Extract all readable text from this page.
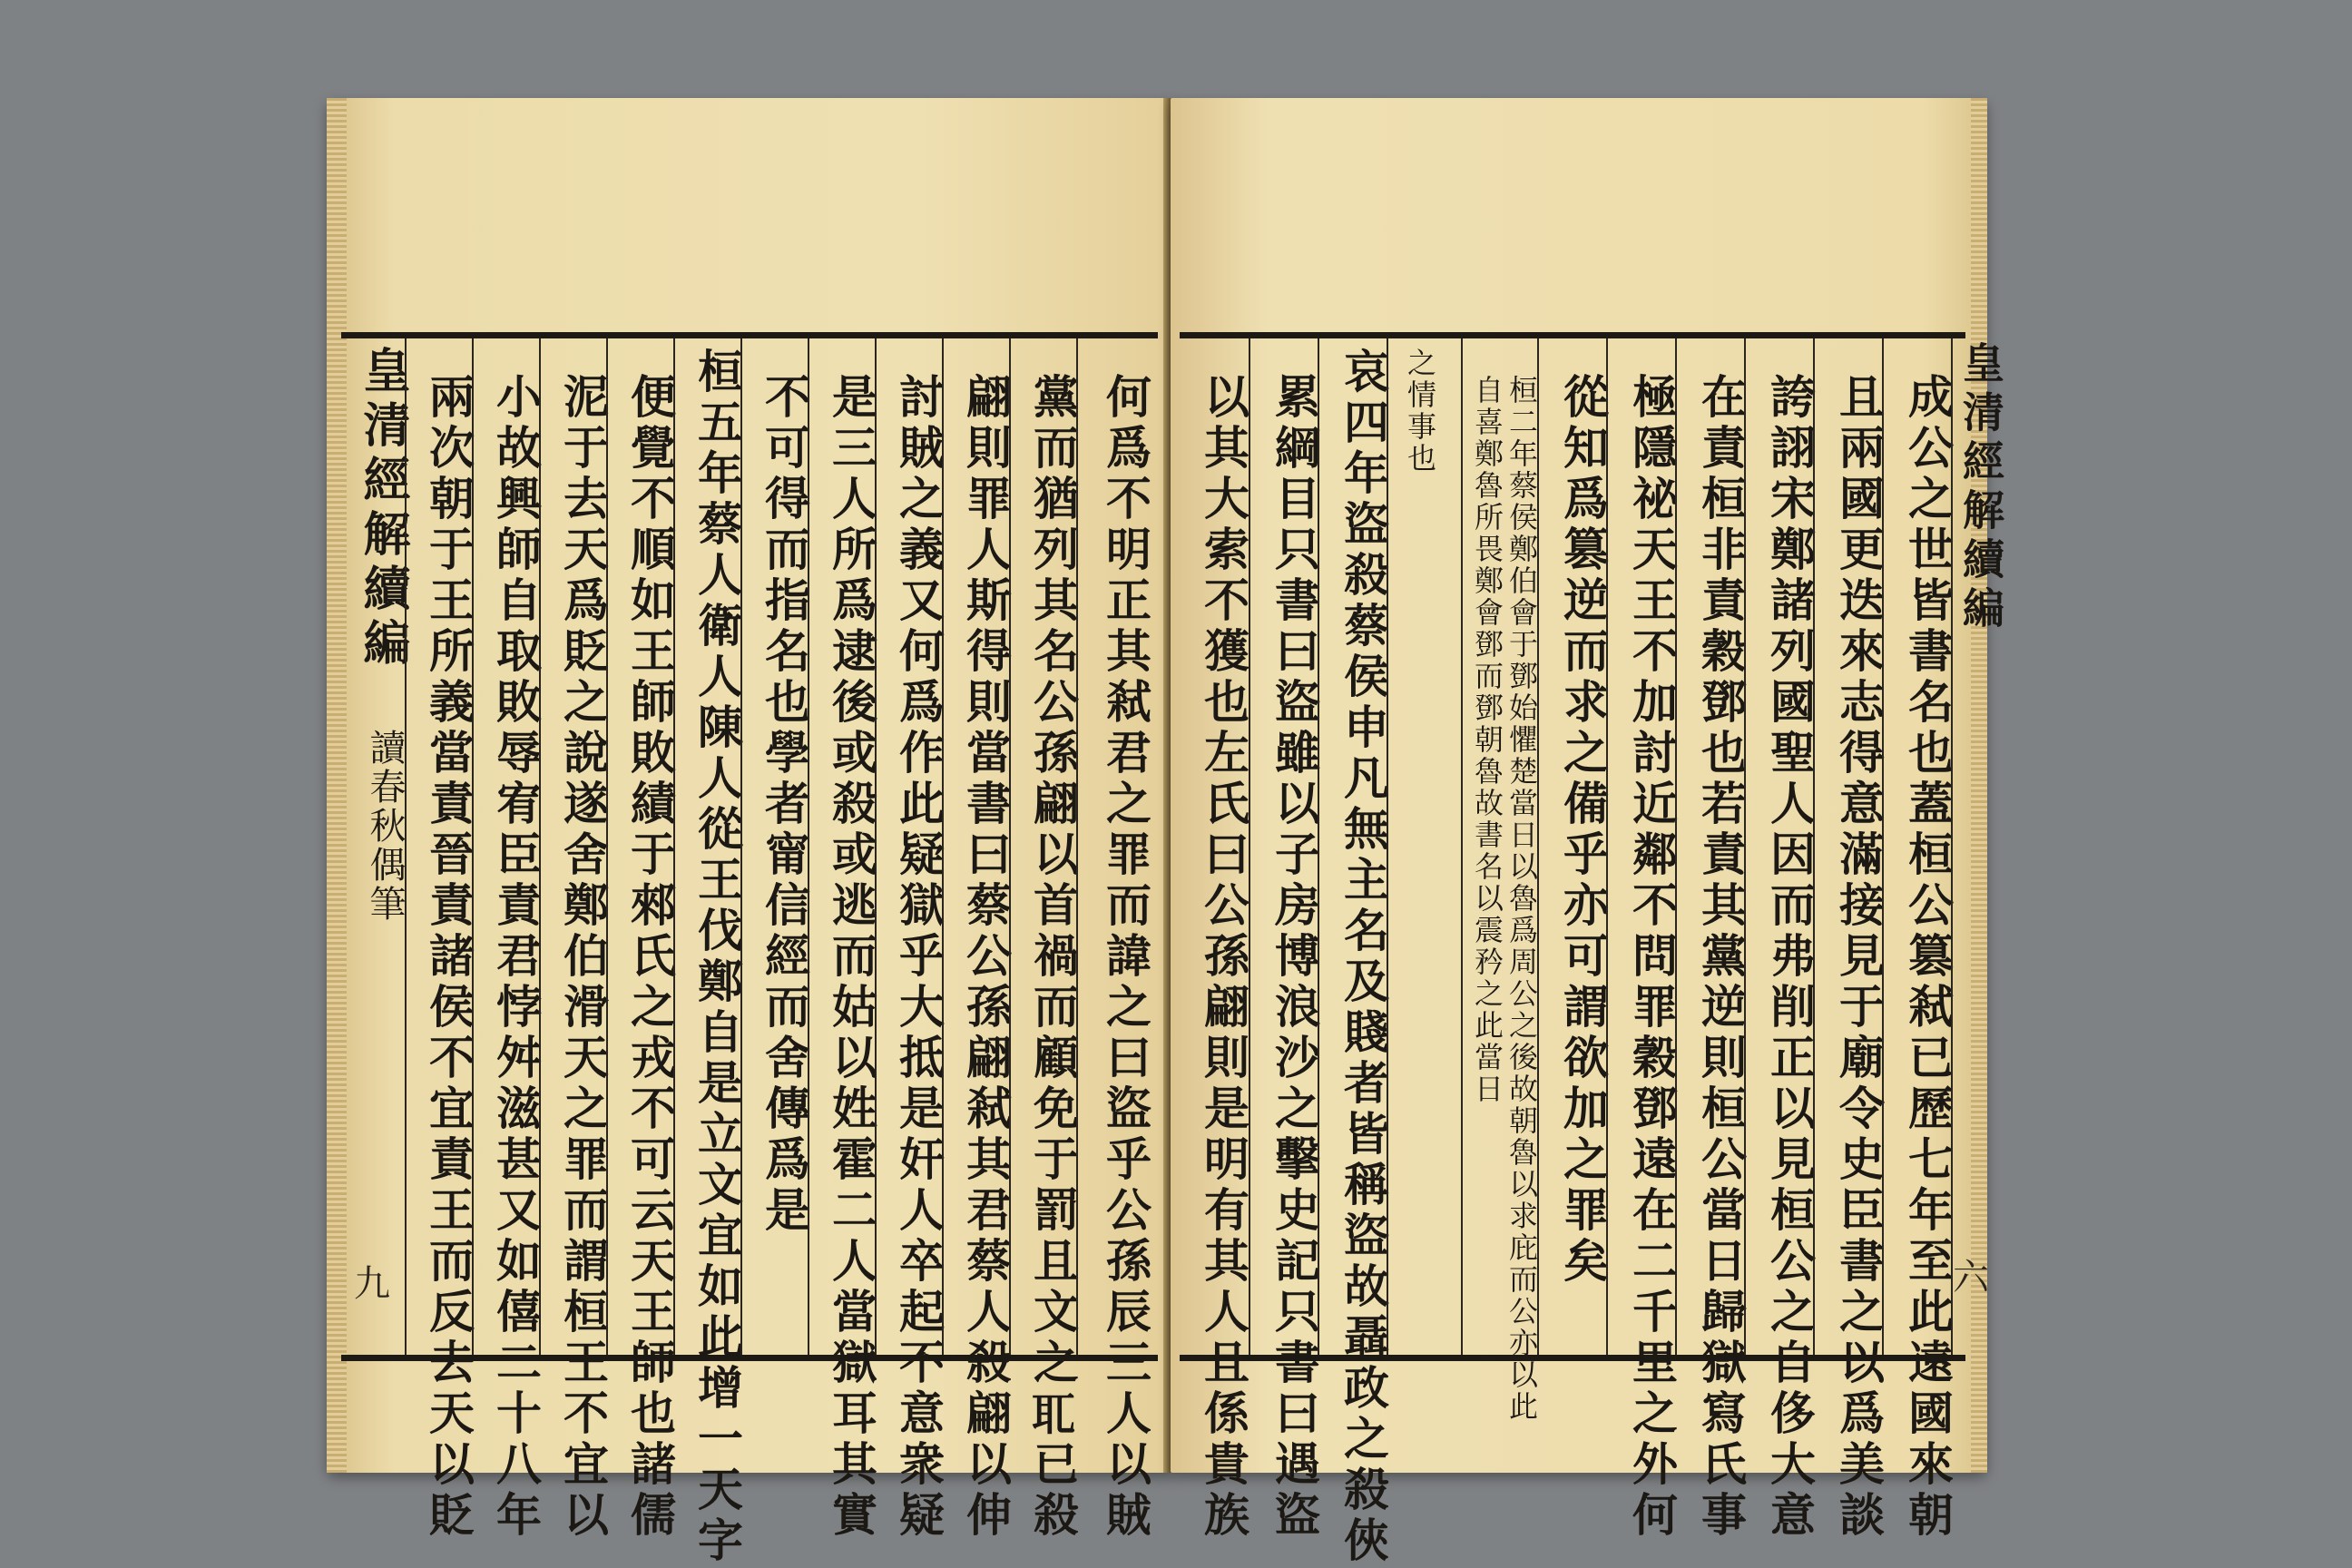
皇清經解續編
讀春秋偶筆
九 兩次朝于王所義當責晉責諸侯不宜責王而反去天以貶 小故興師自取敗辱宥臣責君悖舛滋甚又如僖二十八年 泥于去天爲貶之說遂舍鄭伯滑天之罪而謂桓王不宜以 便覺不順如王師敗績于郲氏之戎不可云天王師也諸儒 桓五年蔡人衛人陳人從王伐鄭自是立文宜如此增一天字 不可得而指名也學者甯信經而舍傳爲是 是三人所爲逮後或殺或逃而姑以姓霍二人當獄耳其實 討賊之義又何爲作此疑獄乎大抵是奸人卒起不意衆疑 翩則罪人斯得則當書曰蔡公孫翩弒其君蔡人殺翩以伸 黨而猶列其名公孫翩以首禍而顧免于罰且文之𦔮已殺 何爲不明正其弒君之罪而諱之曰盜乎公孫辰三人以賊 以其大索不獲也左氏曰公孫翩則是明有其人且係貴族 累綱目只書曰盜雖以子房博浪沙之擊史記只書曰遇盜 哀四年盜殺蔡侯申凡無主名及賤者皆稱盜故聶政之殺俠 之情事也 自喜鄭魯所畏鄭會鄧而鄧朝魯故書名以震矜之此當日 桓二年蔡侯鄭伯會于鄧始懼楚當日以魯爲周公之後故朝魯以求庇而公亦以此 從知爲篡逆而求之備乎亦可謂欲加之罪矣 極隱祕天王不加討近鄰不問罪穀鄧遠在二千里之外何 在責桓非責穀鄧也若責其黨逆則桓公當日歸獄寫氏事 誇詡宋鄭諸列國聖人因而弗削正以見桓公之自侈大意 且兩國更迭來志得意滿接見于廟令史臣書之以爲美談 成公之世皆書名也蓋桓公篡弒已歷七年至此遠國來朝 皇清經解續編
六
